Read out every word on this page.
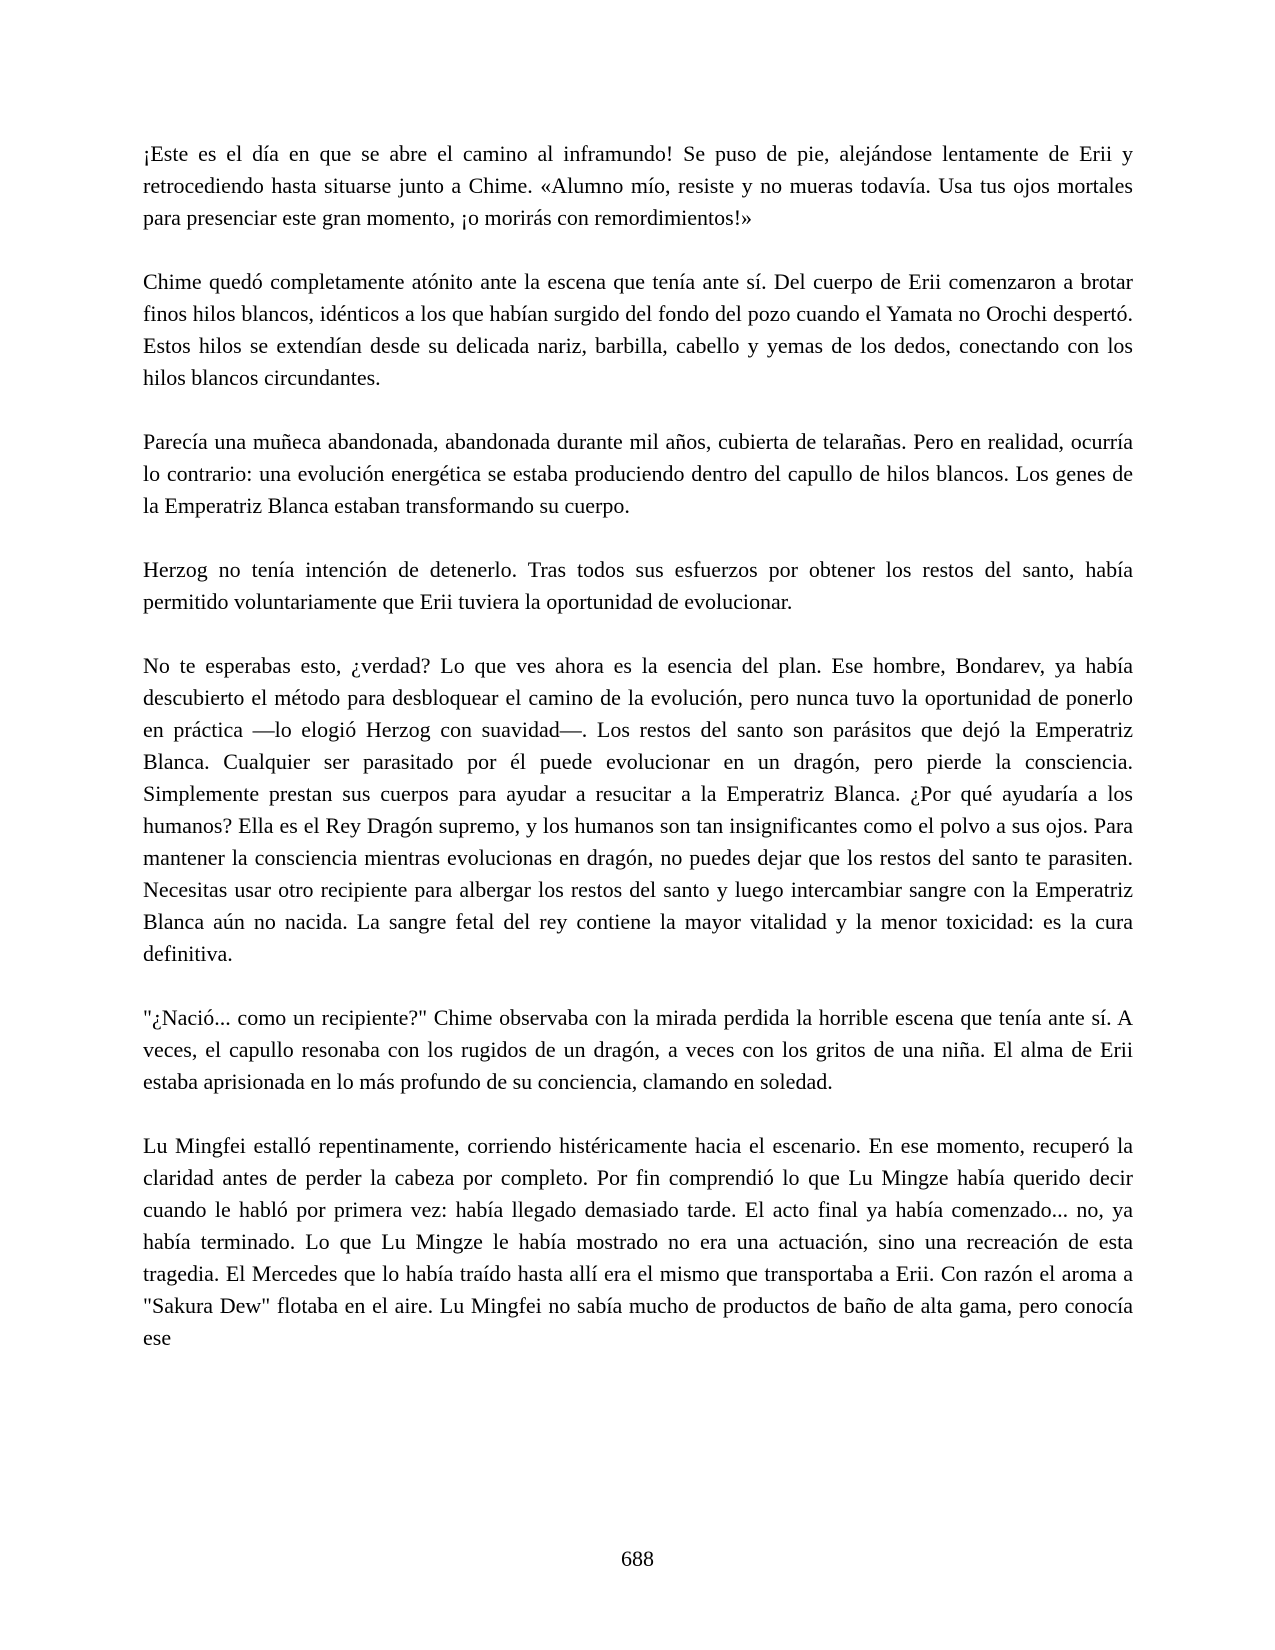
¡Este es el día en que se abre el camino al inframundo! Se puso de pie, alejándose lentamente de Erii y retrocediendo hasta situarse junto a Chime. «Alumno mío, resiste y no mueras todavía. Usa tus ojos mortales para presenciar este gran momento, ¡o morirás con remordimientos!»

Chime quedó completamente atónito ante la escena que tenía ante sí. Del cuerpo de Erii comenzaron a brotar finos hilos blancos, idénticos a los que habían surgido del fondo del pozo cuando el Yamata no Orochi despertó. Estos hilos se extendían desde su delicada nariz, barbilla, cabello y yemas de los dedos, conectando con los hilos blancos circundantes.

Parecía una muñeca abandonada, abandonada durante mil años, cubierta de telarañas. Pero en realidad, ocurría lo contrario: una evolución energética se estaba produciendo dentro del capullo de hilos blancos. Los genes de la Emperatriz Blanca estaban transformando su cuerpo.

Herzog no tenía intención de detenerlo. Tras todos sus esfuerzos por obtener los restos del santo, había permitido voluntariamente que Erii tuviera la oportunidad de evolucionar.

No te esperabas esto, ¿verdad? Lo que ves ahora es la esencia del plan. Ese hombre, Bondarev, ya había descubierto el método para desbloquear el camino de la evolución, pero nunca tuvo la oportunidad de ponerlo en práctica —lo elogió Herzog con suavidad—. Los restos del santo son parásitos que dejó la Emperatriz Blanca. Cualquier ser parasitado por él puede evolucionar en un dragón, pero pierde la consciencia. Simplemente prestan sus cuerpos para ayudar a resucitar a la Emperatriz Blanca. ¿Por qué ayudaría a los humanos? Ella es el Rey Dragón supremo, y los humanos son tan insignificantes como el polvo a sus ojos. Para mantener la consciencia mientras evolucionas en dragón, no puedes dejar que los restos del santo te parasiten. Necesitas usar otro recipiente para albergar los restos del santo y luego intercambiar sangre con la Emperatriz Blanca aún no nacida. La sangre fetal del rey contiene la mayor vitalidad y la menor toxicidad: es la cura definitiva.

"¿Nació... como un recipiente?" Chime observaba con la mirada perdida la horrible escena que tenía ante sí. A veces, el capullo resonaba con los rugidos de un dragón, a veces con los gritos de una niña. El alma de Erii estaba aprisionada en lo más profundo de su conciencia, clamando en soledad.

Lu Mingfei estalló repentinamente, corriendo histéricamente hacia el escenario. En ese momento, recuperó la claridad antes de perder la cabeza por completo. Por fin comprendió lo que Lu Mingze había querido decir cuando le habló por primera vez: había llegado demasiado tarde. El acto final ya había comenzado... no, ya había terminado. Lo que Lu Mingze le había mostrado no era una actuación, sino una recreación de esta tragedia. El Mercedes que lo había traído hasta allí era el mismo que transportaba a Erii. Con razón el aroma a "Sakura Dew" flotaba en el aire. Lu Mingfei no sabía mucho de productos de baño de alta gama, pero conocía ese

688
